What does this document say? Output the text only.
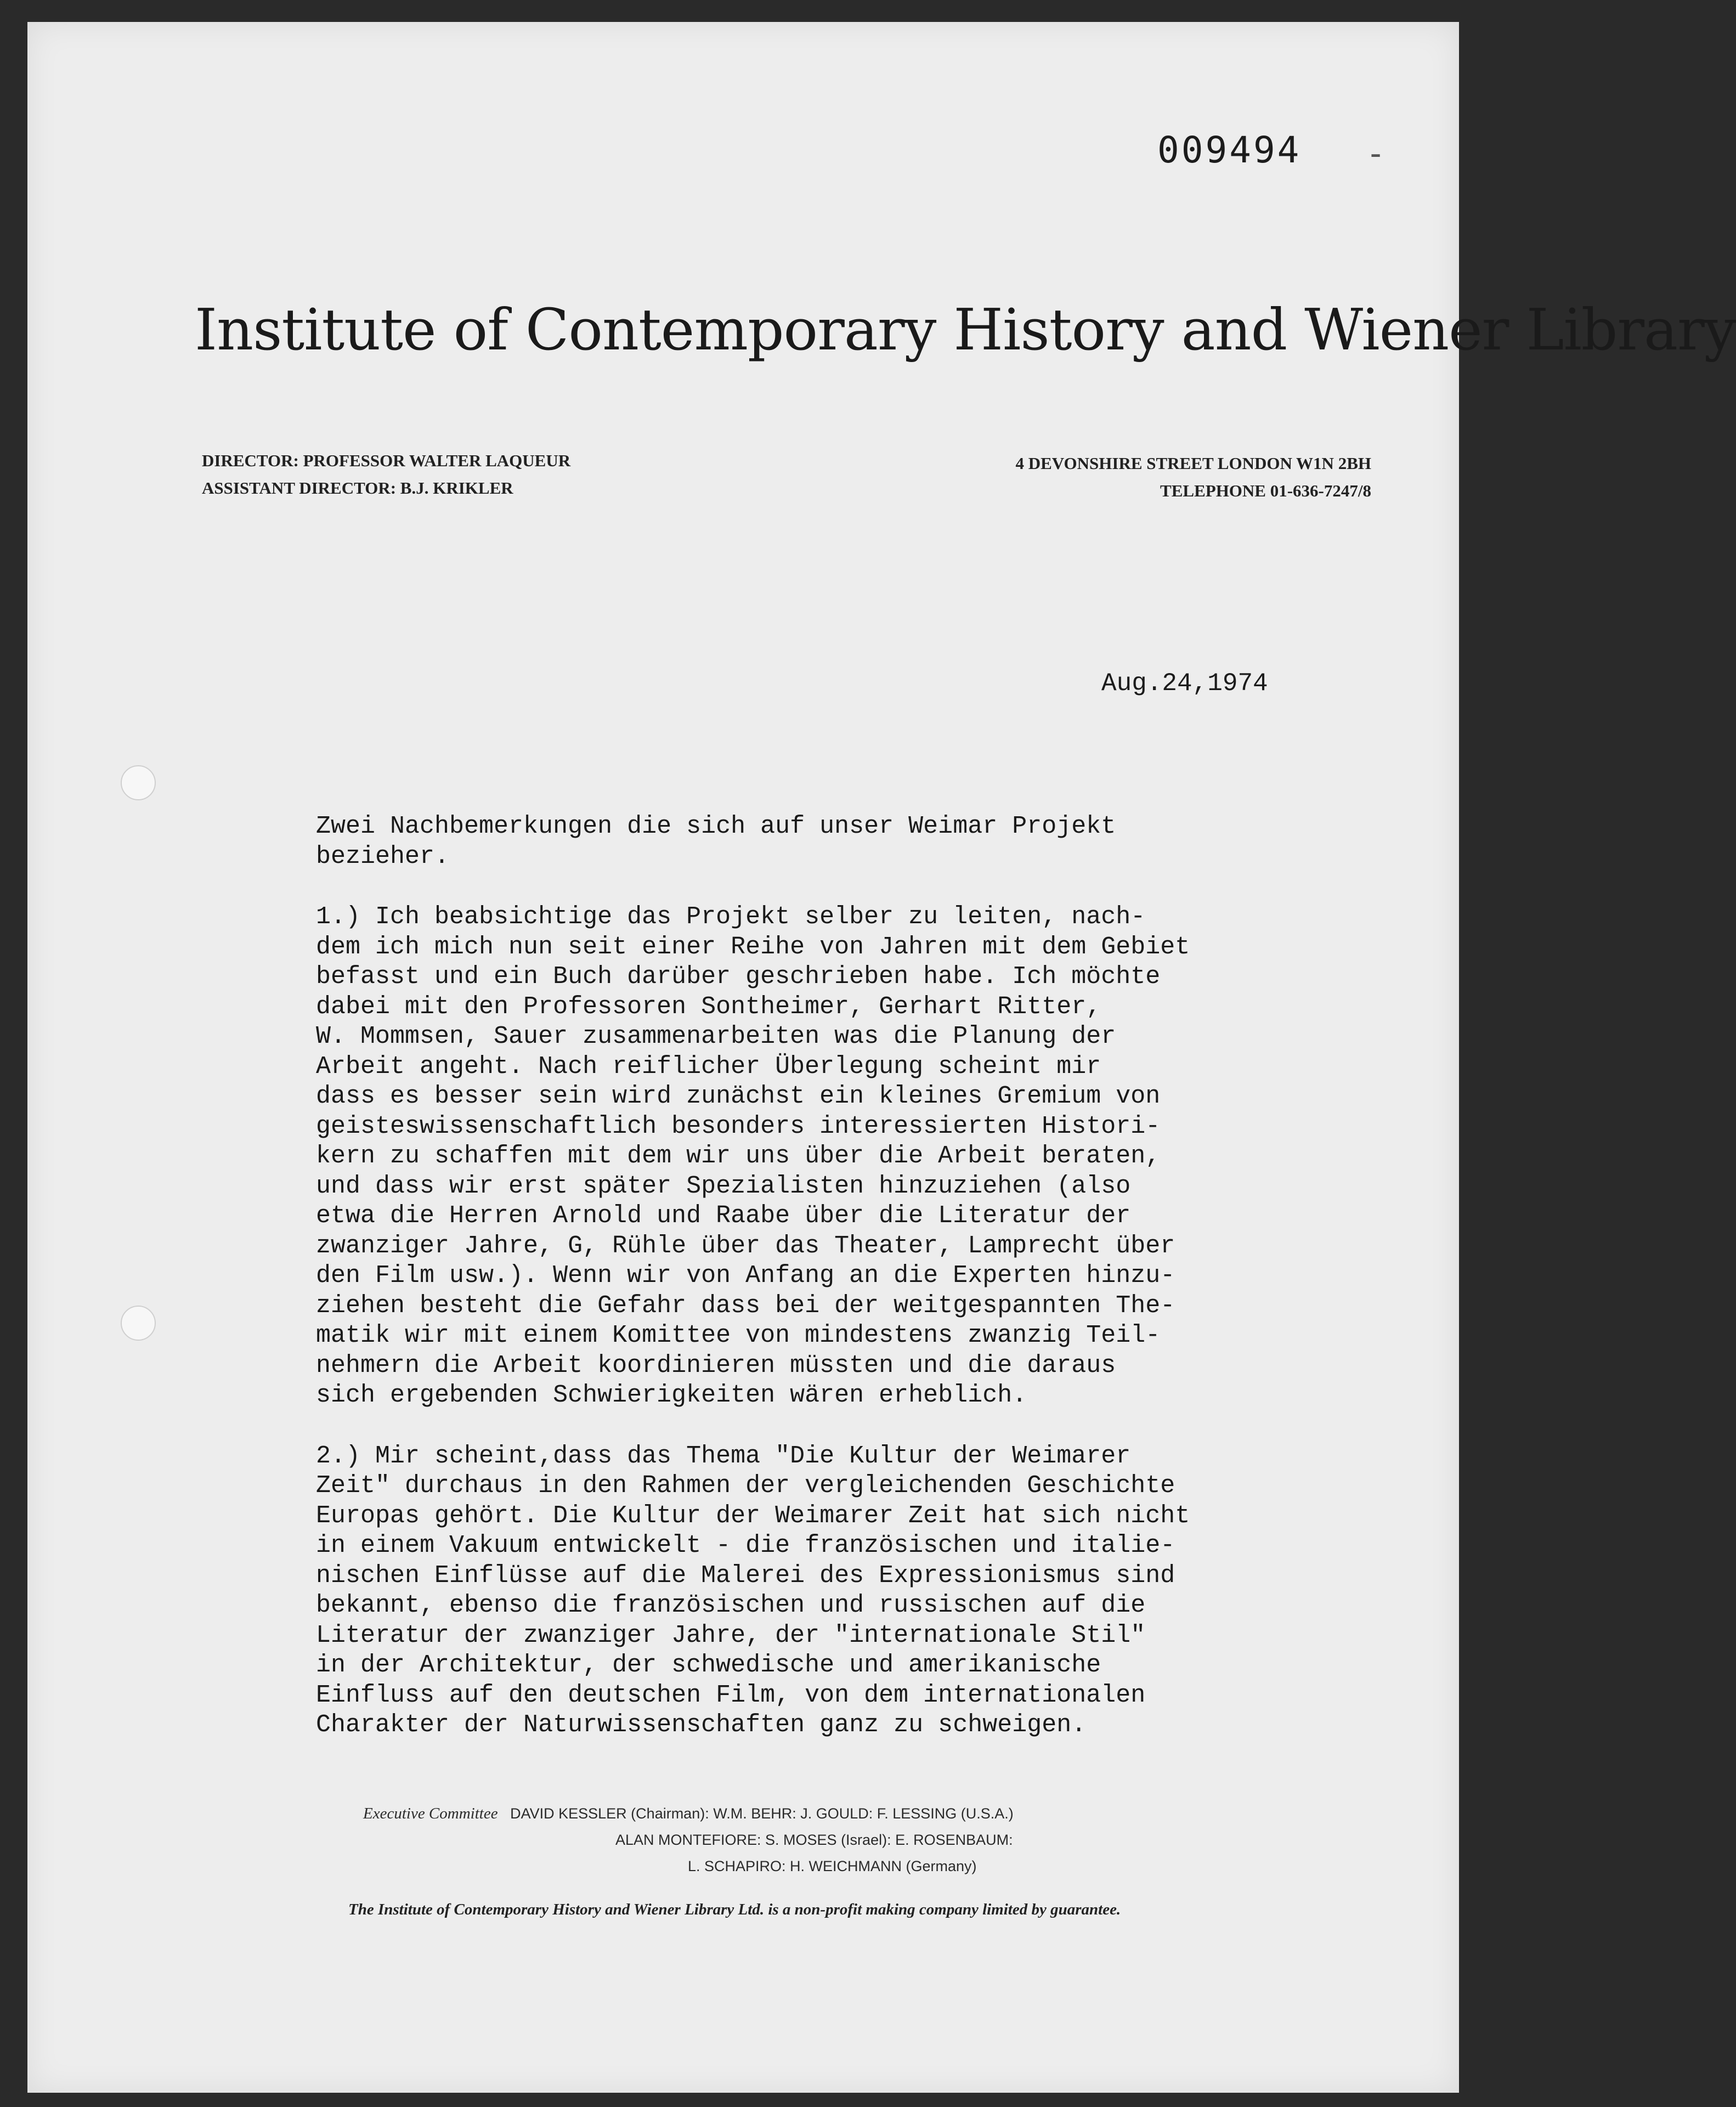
009494 -
Institute of Contemporary History and Wiener Library
DIRECTOR: PROFESSOR WALTER LAQUEUR
ASSISTANT DIRECTOR: B.J. KRIKLER
4 DEVONSHIRE STREET LONDON W1N 2BH
TELEPHONE 01-636-7247/8
Aug.24,1974

Zwei Nachbemerkungen die sich auf unser Weimar Projekt
bezieher.

1.) Ich beabsichtige das Projekt selber zu leiten, nach-
dem ich mich nun seit einer Reihe von Jahren mit dem Gebiet
befasst und ein Buch darüber geschrieben habe. Ich möchte
dabei mit den Professoren Sontheimer, Gerhart Ritter,
W. Mommsen, Sauer zusammenarbeiten was die Planung der
Arbeit angeht. Nach reiflicher Überlegung scheint mir
dass es besser sein wird zunächst ein kleines Gremium von
geisteswissenschaftlich besonders interessierten Histori-
kern zu schaffen mit dem wir uns über die Arbeit beraten,
und dass wir erst später Spezialisten hinzuziehen (also
etwa die Herren Arnold und Raabe über die Literatur der
zwanziger Jahre, G, Rühle über das Theater, Lamprecht über
den Film usw.). Wenn wir von Anfang an die Experten hinzu-
ziehen besteht die Gefahr dass bei der weitgespannten The-
matik wir mit einem Komittee von mindestens zwanzig Teil-
nehmern die Arbeit koordinieren müssten und die daraus
sich ergebenden Schwierigkeiten wären erheblich.

2.) Mir scheint,dass das Thema "Die Kultur der Weimarer
Zeit" durchaus in den Rahmen der vergleichenden Geschichte
Europas gehört. Die Kultur der Weimarer Zeit hat sich nicht
in einem Vakuum entwickelt - die französischen und italie-
nischen Einflüsse auf die Malerei des Expressionismus sind
bekannt, ebenso die französischen und russischen auf die
Literatur der zwanziger Jahre, der "internationale Stil"
in der Architektur, der schwedische und amerikanische
Einfluss auf den deutschen Film, von dem internationalen
Charakter der Naturwissenschaften ganz zu schweigen.

Executive Committee DAVID KESSLER (Chairman): W.M. BEHR: J. GOULD: F. LESSING (U.S.A.)
ALAN MONTEFIORE: S. MOSES (Israel): E. ROSENBAUM:
L. SCHAPIRO: H. WEICHMANN (Germany)
The Institute of Contemporary History and Wiener Library Ltd. is a non-profit making company limited by guarantee.
